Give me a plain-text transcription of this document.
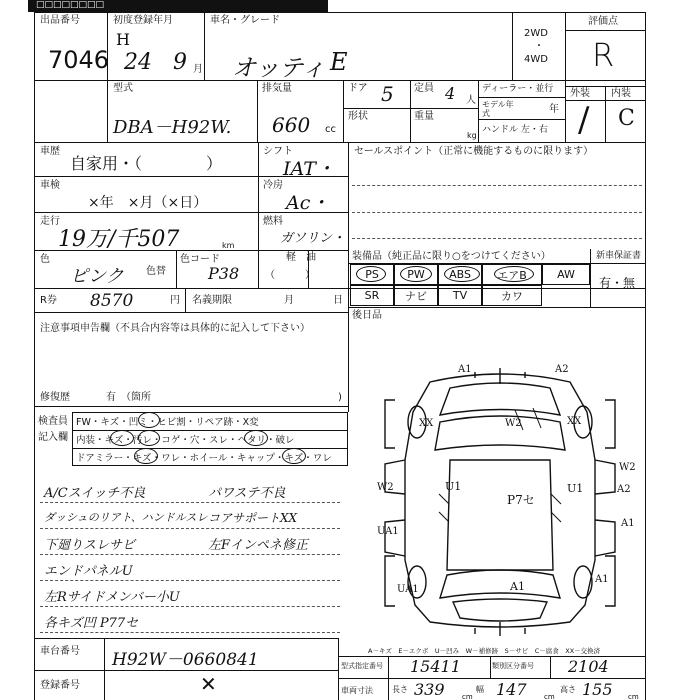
出品番号
7046
初度登録年月
H
24 9 月
車名・グレード
オッティ E
2WD
・
4WD
評価点
R
外装 内装
/ C
型式
DBA－H92W.
排気量
660 cc
ドア 5 定員 4 人
形状	重量
kg
ディーラー・並行
モデル年式	年
ハンドル 左・右
車歴
自家用・（　　　　）
シフト
IAT・
セールスポイント（正常に機能するものに限ります）
車検
×年　×月（×日）
冷房
Ac・
走行
19万/千507	km
燃料
ガソリン・
軽　油
（　　　）
色
ピンク 色替
色コード
P38
装備品（純正品に限り○をつけてください）	新車保証書
PS	PW ABS エアB	AW
SR ナビ TV	カワ
有・無
R券 8570	円 名義期限	月	日
後日品
注意事項申告欄（不具合内容等は具体的に記入して下さい）
修復歴	有　（箇所	)
検査員
記入欄
FW・キズ・凹ミ・ヒビ割・リペア跡・X変
内装・キズ・汚レ・コゲ・穴・スレ・ヘタリ・破レ
ドアミラー・キズ・ワレ・ホイール・キャップ・キズ・ワレ
A/Cスイッチ不良	パワステ不良
ダッシュのリアト、ハンドルスレ コアサポートXX
下廻りスレサビ	左Fインペネ修正
エンドパネルU
左Rサイドメンバー小U
各キズ凹 P77セ
A1	A2
XX	W2	XX
W2	U1	U1	A2
A1
UA1
P7セ
UA1	A1
A1
W2
A－キズ　E－エクボ　U－凹み　W－補修跡　S－サビ　C－腐食　XX－交換済
車台番号 H92W－0660841
登録番号	✕
型式指定番号 15411	類別区分番号 2104
車両寸法 長さ 339 cm
幅 147 cm
高さ 155 cm
□□□□□□□□
